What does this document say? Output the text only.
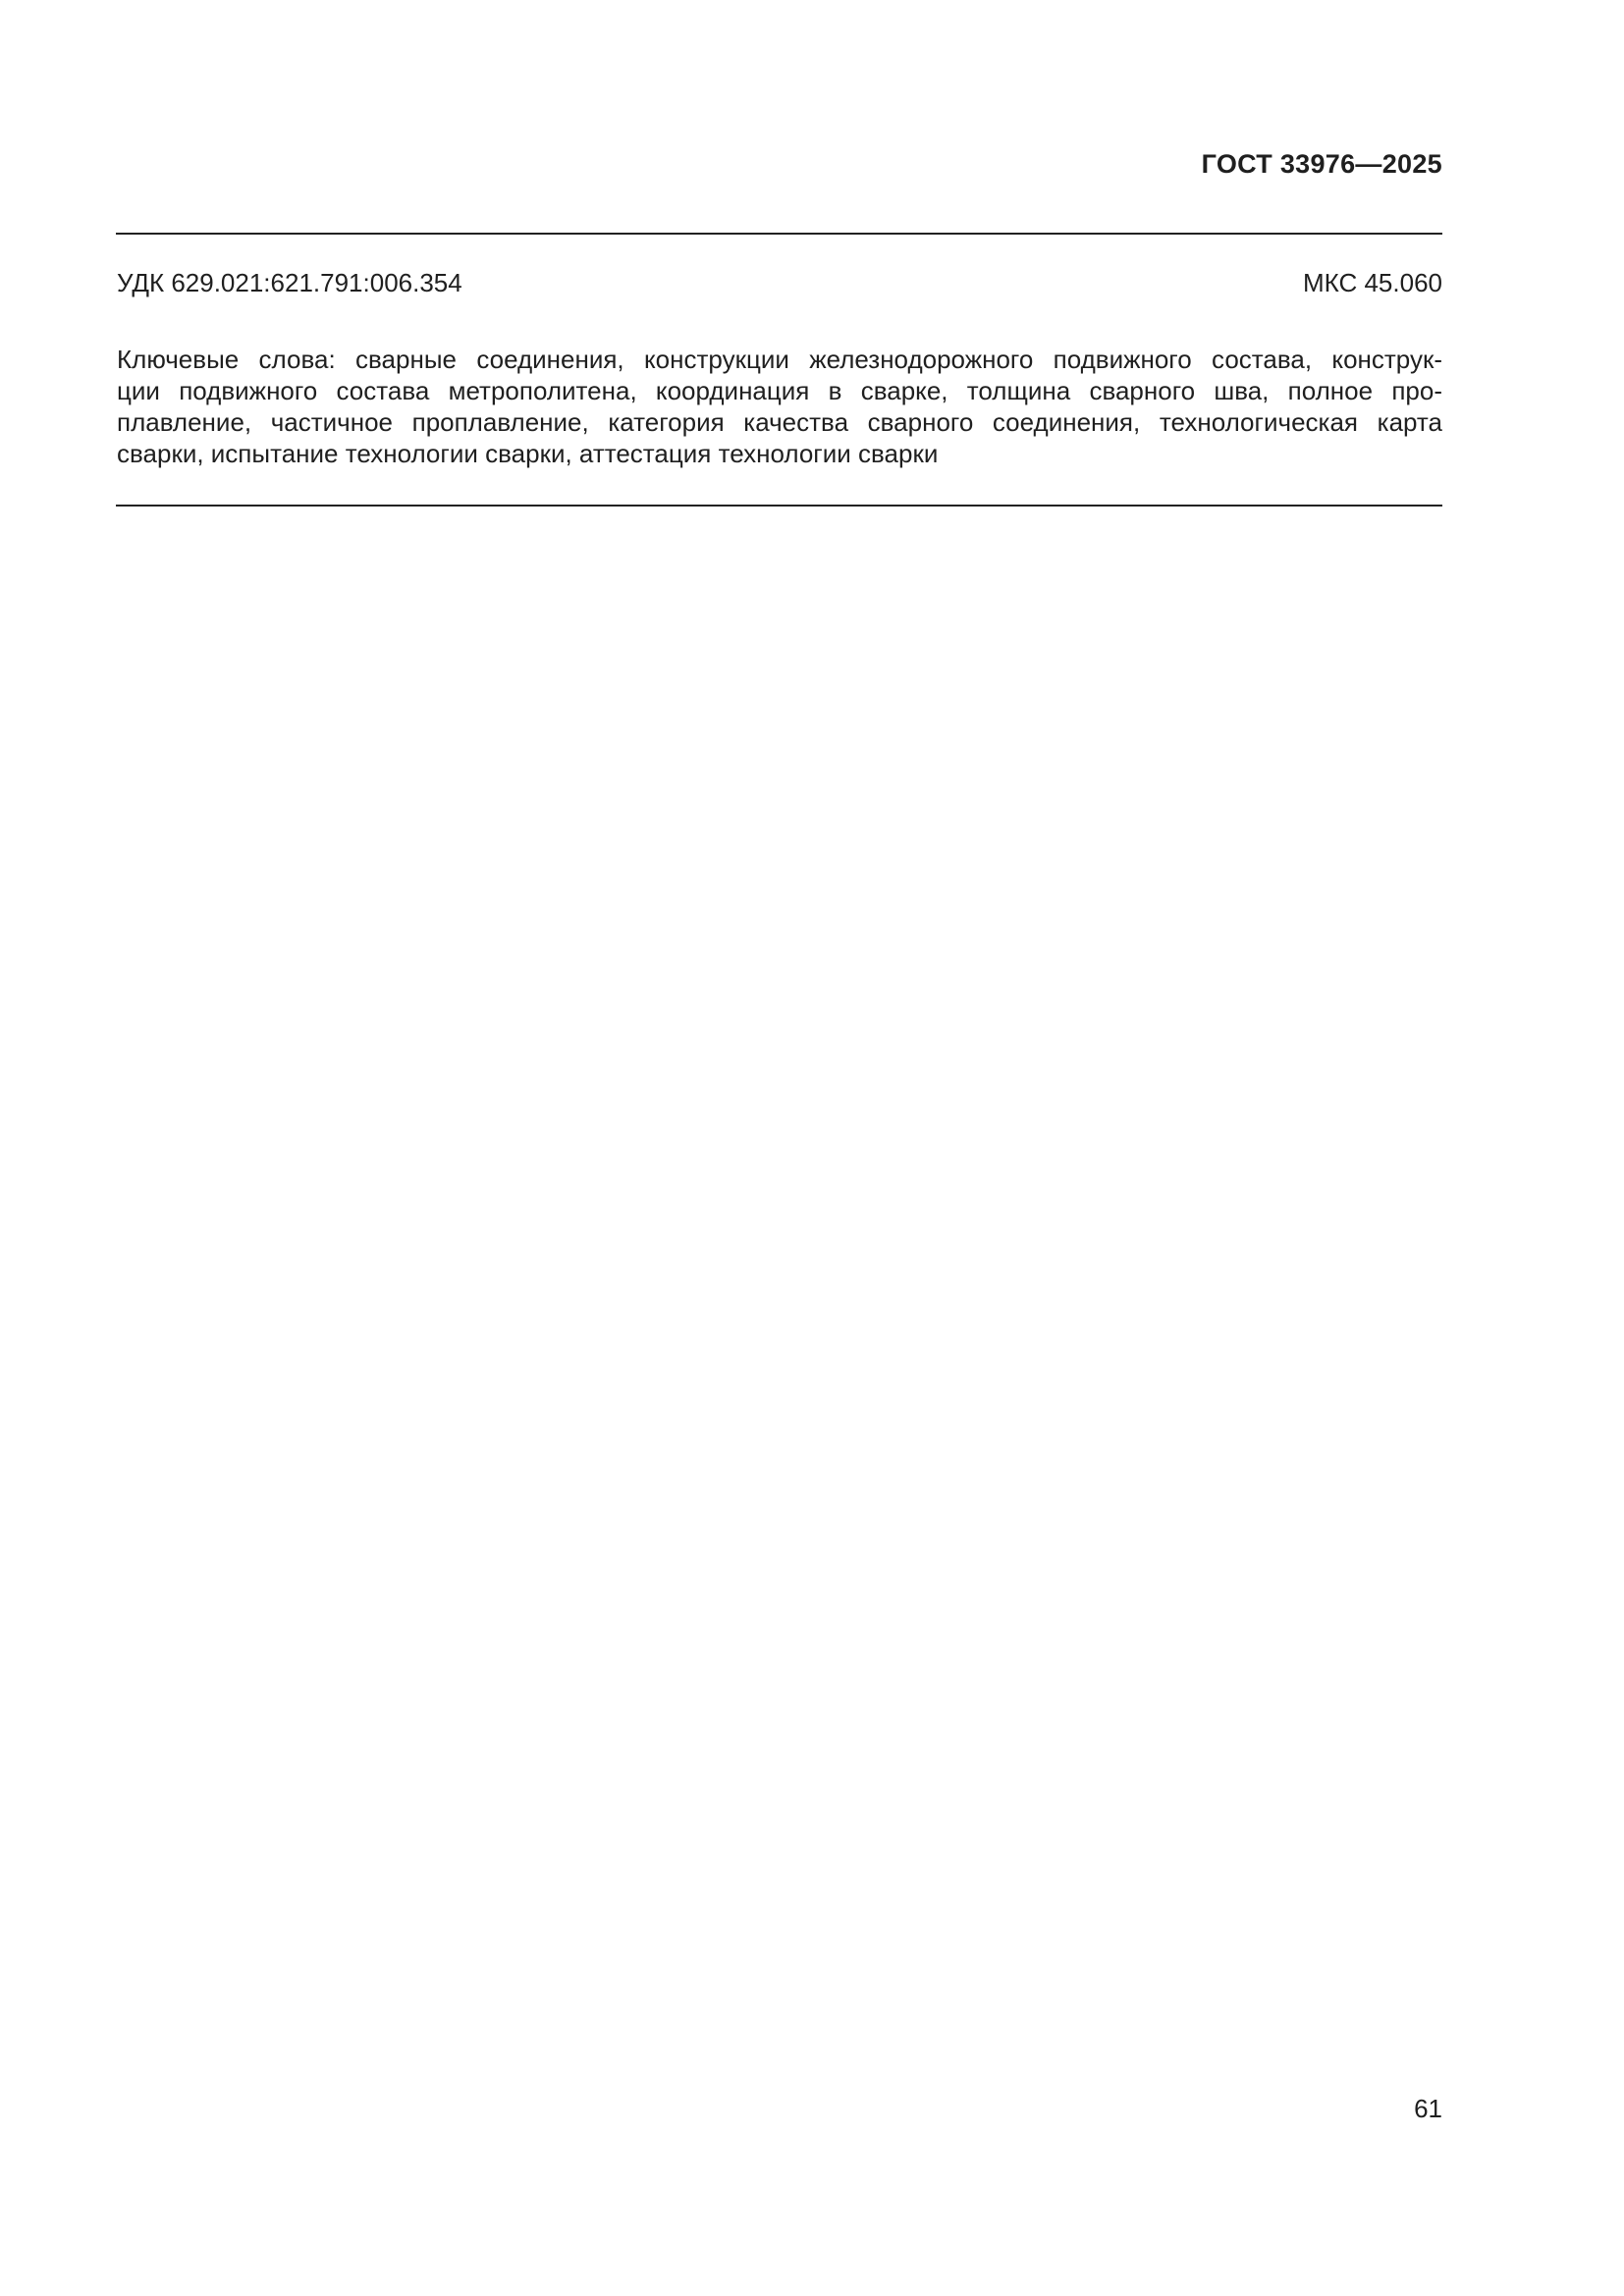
ГОСТ 33976—2025
УДК 629.021:621.791:006.354	МКС 45.060
Ключевые слова: сварные соединения, конструкции железнодорожного подвижного состава, конструк-
ции подвижного состава метрополитена, координация в сварке, толщина сварного шва, полное про-
плавление, частичное проплавление, категория качества сварного соединения, технологическая карта
сварки, испытание технологии сварки, аттестация технологии сварки
61
